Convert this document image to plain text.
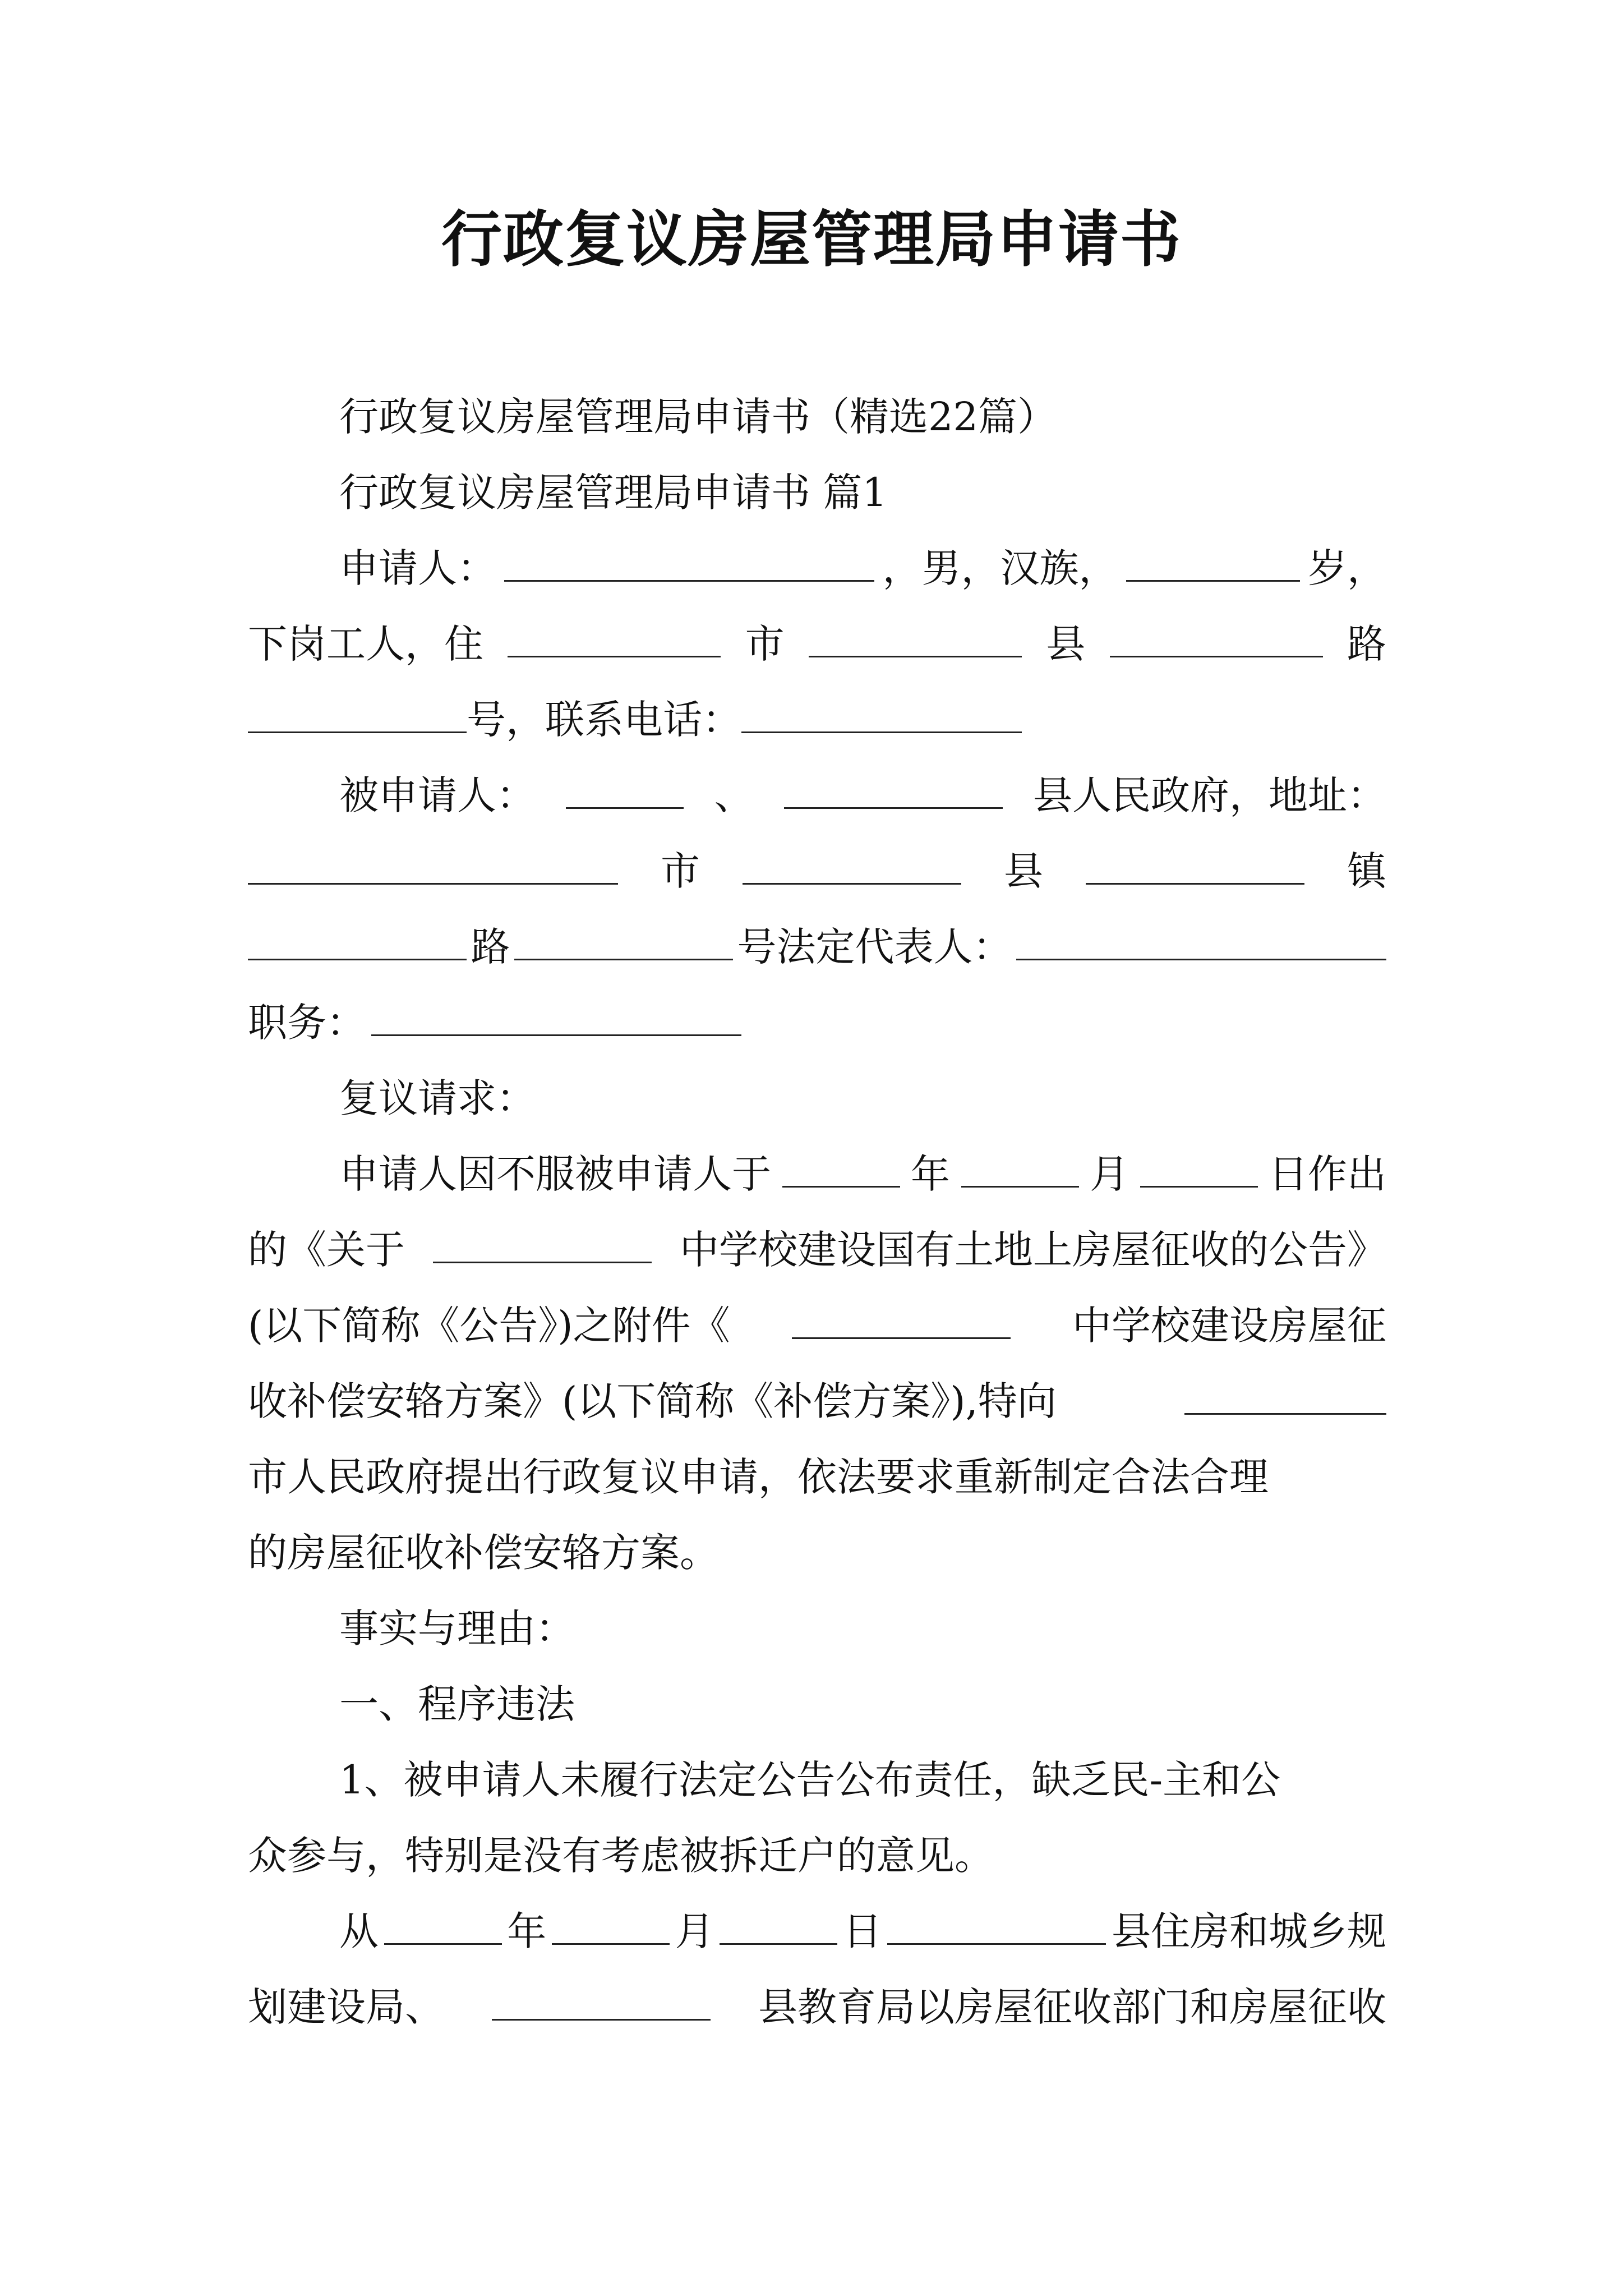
行政复议房屋管理局申请书
行政复议房屋管理局申请书（精选22篇）
行政复议房屋管理局申请书 篇1
申请人：	，男，汉族，	岁，
下岗工人，住	市	县	路
号，联系电话：
被申请人：	、	县人民政府，地址：
市	县	镇
路	号法定代表人：
职务：
复议请求：
申请人因不服被申请人于	年	月	日作出
的《关于	中学校建设国有土地上房屋征收的公告》
(以下简称《公告》)之附件《	中学校建设房屋征
收补偿安辂方案》(以下简称《补偿方案》),特向
市人民政府提出行政复议申请，依法要求重新制定合法合理
的房屋征收补偿安辂方案。
事实与理由：
一、程序违法
1、被申请人未履行法定公告公布责任，缺乏民-主和公
众参与，特别是没有考虑被拆迁户的意见。
从	年	月	日	县住房和城乡规
划建设局、	县教育局以房屋征收部门和房屋征收
